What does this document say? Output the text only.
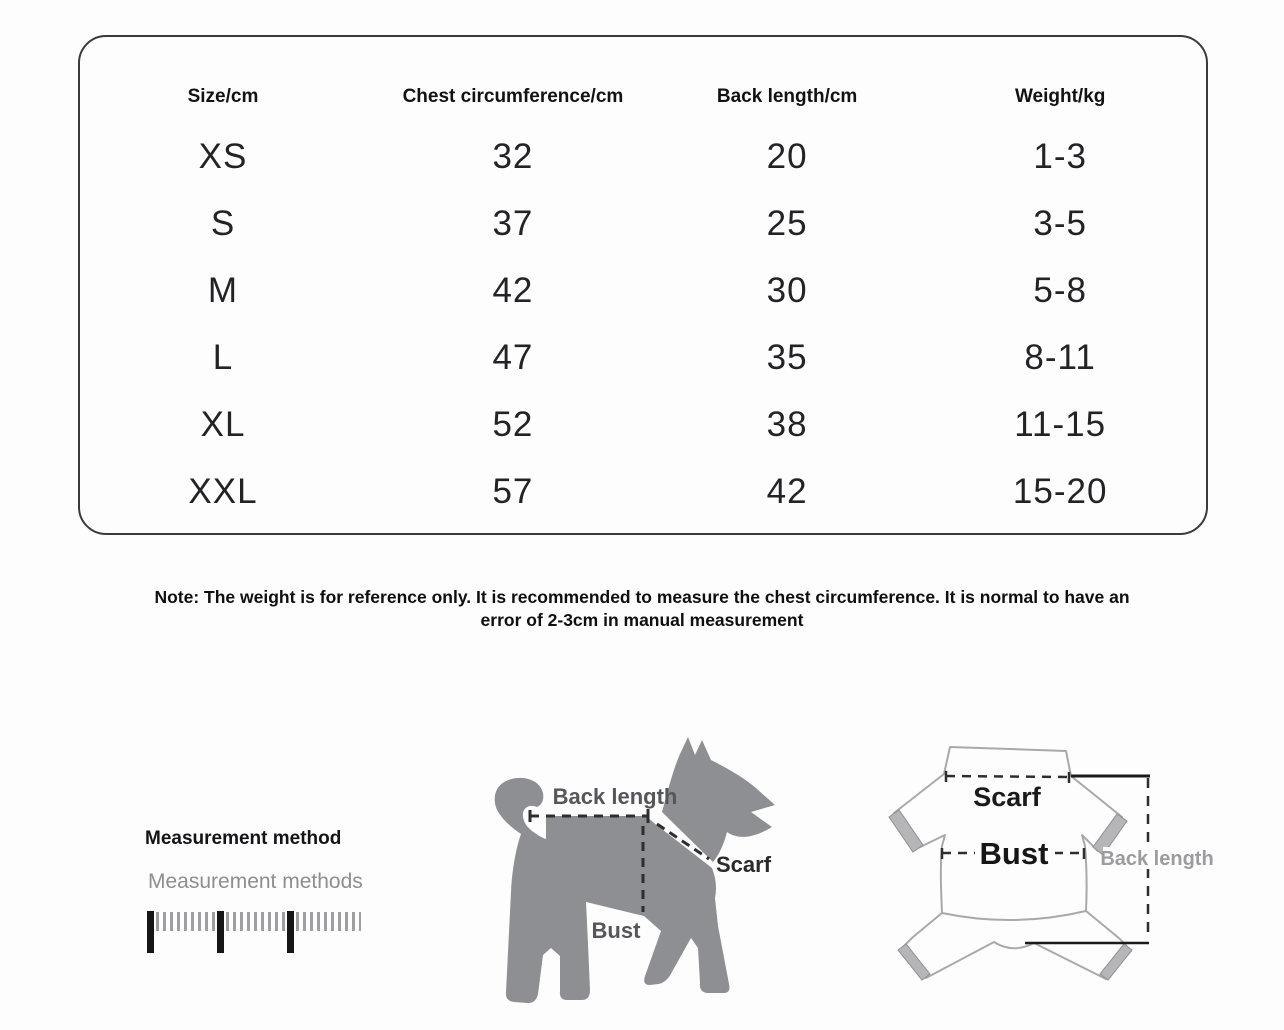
Size/cm	Chest circumference/cm	Back length/cm	Weight/kg
XS	32	20	1-3
S	37	25	3-5
M	42	30	5-8
L	47	35	8-11
XL	52	38	11-15
XXL	57	42	15-20

Note: The weight is for reference only. It is recommended to measure the chest circumference. It is normal to have an
error of 2-3cm in manual measurement

Measurement method
Measurement methods
Back length
Scarf
Bust
Scarf
Bust	Back length
